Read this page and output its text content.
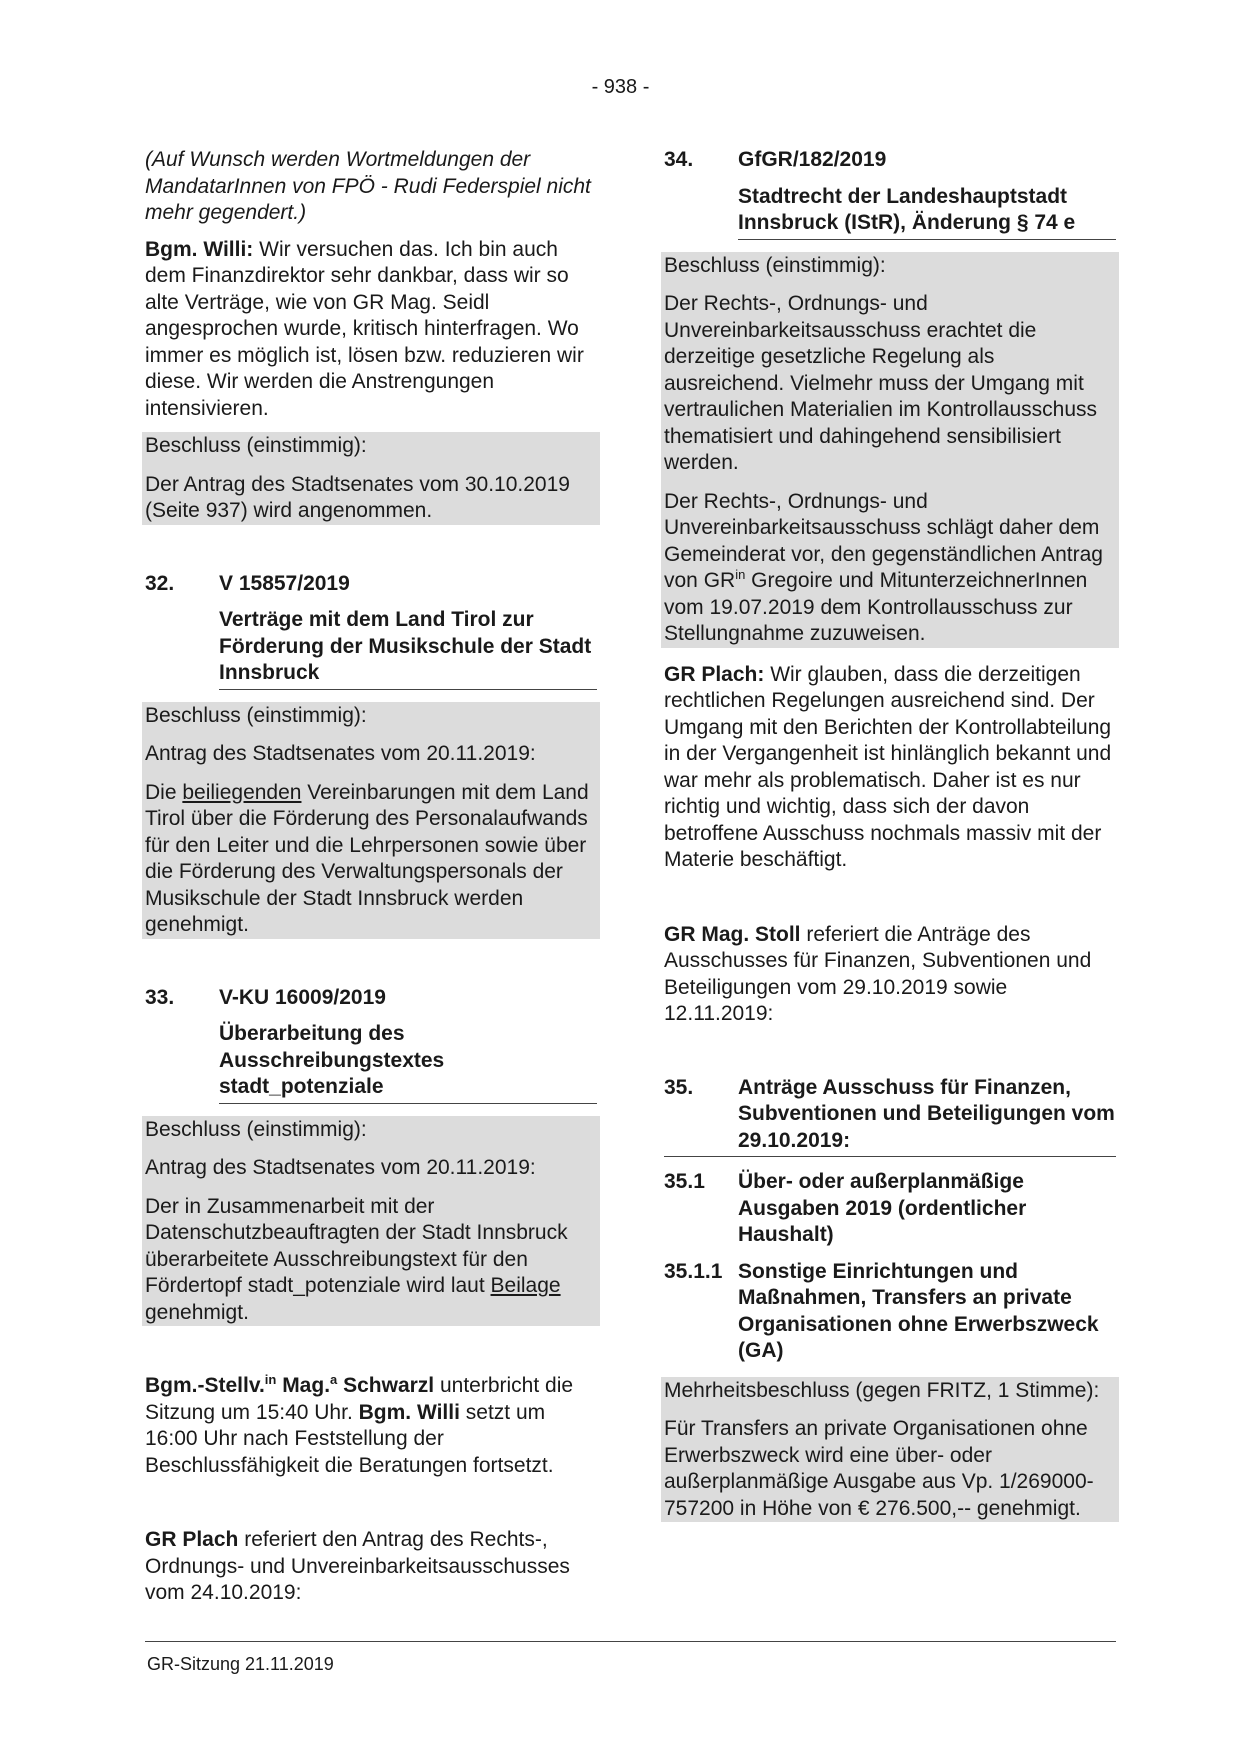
- 938 -

(Auf Wunsch werden Wortmeldungen der MandatarInnen von FPÖ - Rudi Federspiel nicht mehr gegendert.)

Bgm. Willi: Wir versuchen das. Ich bin auch dem Finanzdirektor sehr dankbar, dass wir so alte Verträge, wie von GR Mag. Seidl angesprochen wurde, kritisch hinterfragen. Wo immer es möglich ist, lösen bzw. reduzieren wir diese. Wir werden die Anstrengungen intensivieren.

Beschluss (einstimmig):

Der Antrag des Stadtsenates vom 30.10.2019 (Seite 937) wird angenommen.

32.	V 15857/2019
Verträge mit dem Land Tirol zur Förderung der Musikschule der Stadt Innsbruck

Beschluss (einstimmig):

Antrag des Stadtsenates vom 20.11.2019:

Die beiliegenden Vereinbarungen mit dem Land Tirol über die Förderung des Personalaufwands für den Leiter und die Lehrpersonen sowie über die Förderung des Verwaltungspersonals der Musikschule der Stadt Innsbruck werden genehmigt.

33.	V-KU 16009/2019
Überarbeitung des Ausschreibungstextes stadt_potenziale

Beschluss (einstimmig):

Antrag des Stadtsenates vom 20.11.2019:

Der in Zusammenarbeit mit der Datenschutzbeauftragten der Stadt Innsbruck überarbeitete Ausschreibungstext für den Fördertopf stadt_potenziale wird laut Beilage genehmigt.

Bgm.-Stellv.$^{in}$ Mag.$^a$ Schwarzl unterbricht die Sitzung um 15:40 Uhr. Bgm. Willi setzt um 16:00 Uhr nach Feststellung der Beschlussfähigkeit die Beratungen fortsetzt.

GR Plach referiert den Antrag des Rechts-, Ordnungs- und Unvereinbarkeitsausschusses vom 24.10.2019:

34.	GfGR/182/2019
Stadtrecht der Landeshauptstadt Innsbruck (IStR), Änderung § 74 e

Beschluss (einstimmig):

Der Rechts-, Ordnungs- und Unvereinbarkeitsausschuss erachtet die derzeitige gesetzliche Regelung als ausreichend. Vielmehr muss der Umgang mit vertraulichen Materialien im Kontrollausschuss thematisiert und dahingehend sensibilisiert werden.

Der Rechts-, Ordnungs- und Unvereinbarkeitsausschuss schlägt daher dem Gemeinderat vor, den gegenständlichen Antrag von $GR^{in}$ Gregoire und MitunterzeichnerInnen vom 19.07.2019 dem Kontrollausschuss zur Stellungnahme zuzuweisen.

GR Plach: Wir glauben, dass die derzeitigen rechtlichen Regelungen ausreichend sind. Der Umgang mit den Berichten der Kontrollabteilung in der Vergangenheit ist hinlänglich bekannt und war mehr als problematisch. Daher ist es nur richtig und wichtig, dass sich der davon betroffene Ausschuss nochmals massiv mit der Materie beschäftigt.

GR Mag. Stoll referiert die Anträge des Ausschusses für Finanzen, Subventionen und Beteiligungen vom 29.10.2019 sowie 12.11.2019:

35.	Anträge Ausschuss für Finanzen, Subventionen und Beteiligungen vom 29.10.2019:
35.1	Über- oder außerplanmäßige Ausgaben 2019 (ordentlicher Haushalt)
35.1.1 Sonstige Einrichtungen und Maßnahmen, Transfers an private Organisationen ohne Erwerbszweck (GA)

Mehrheitsbeschluss (gegen FRITZ, 1 Stimme):

Für Transfers an private Organisationen ohne Erwerbszweck wird eine über- oder außerplanmäßige Ausgabe aus Vp. 1/269000-757200 in Höhe von € 276.500,-- genehmigt.

GR-Sitzung 21.11.2019
